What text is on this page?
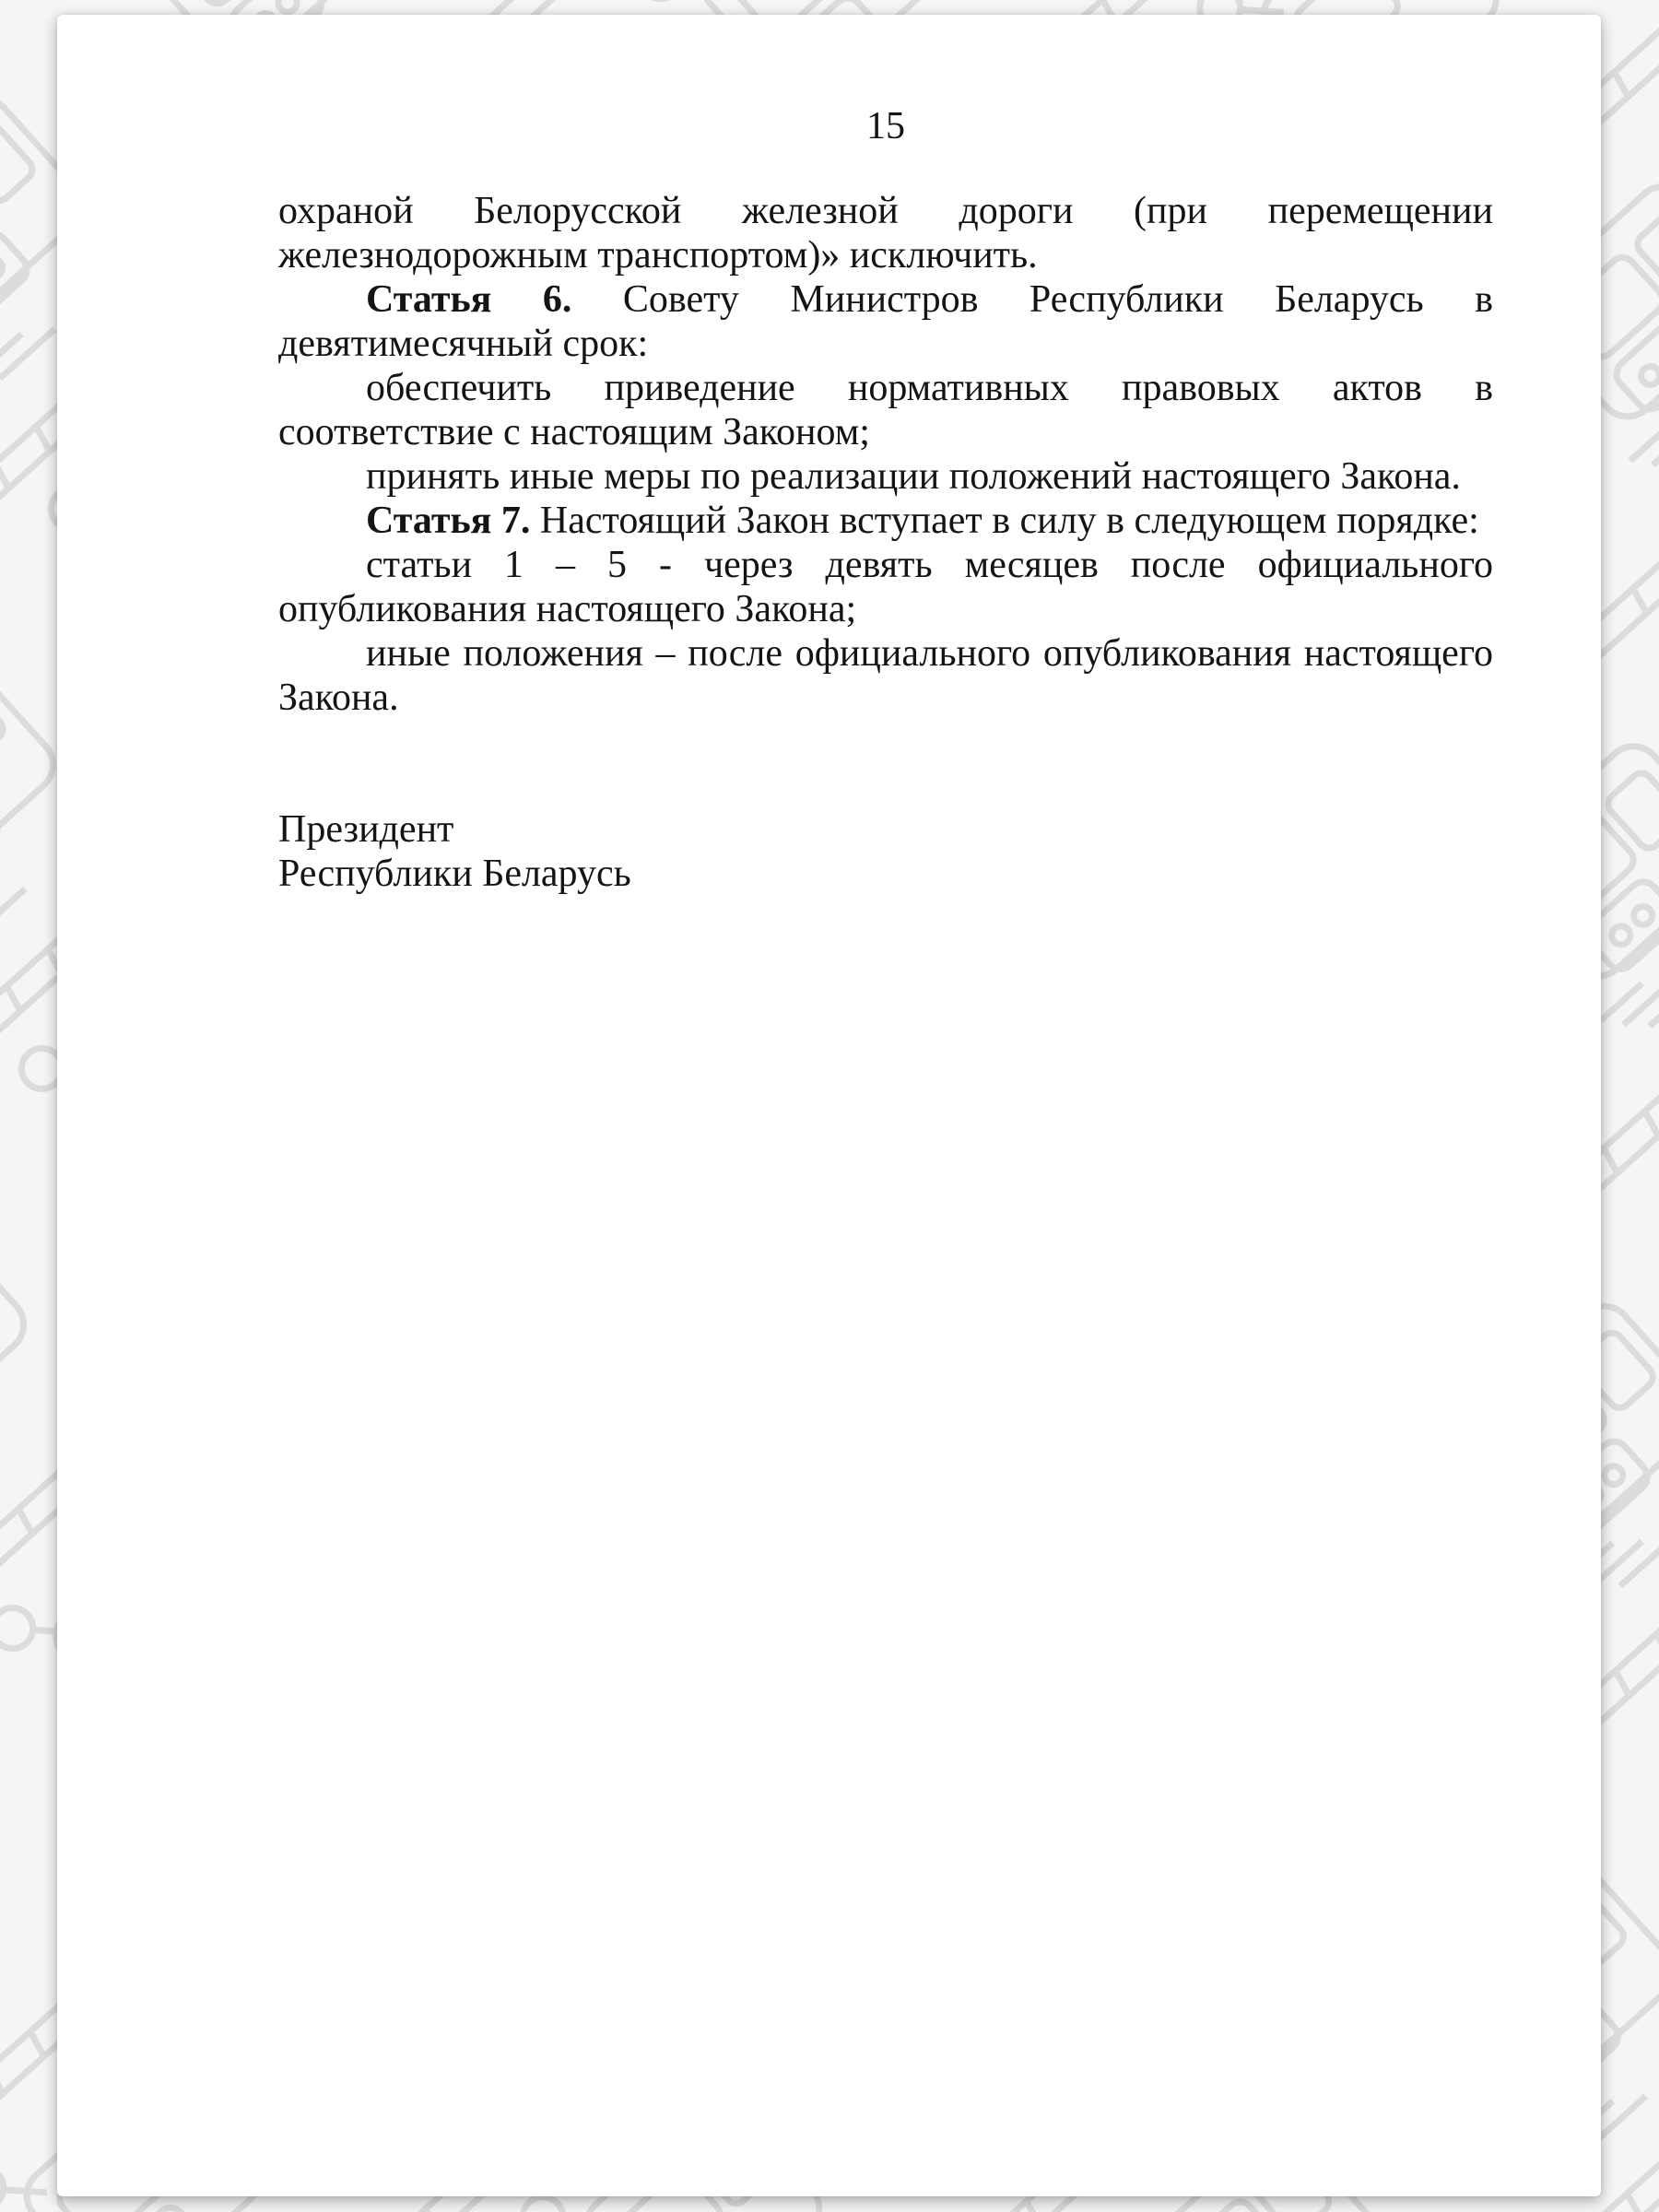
15

охраной Белорусской железной дороги (при перемещении железнодорожным транспортом)» исключить.

Статья 6. Совету Министров Республики Беларусь в девятимесячный срок:

обеспечить приведение нормативных правовых актов в соответствие с настоящим Законом;

принять иные меры по реализации положений настоящего Закона.

Статья 7. Настоящий Закон вступает в силу в следующем порядке:

статьи 1 – 5 - через девять месяцев после официального опубликования настоящего Закона;

иные положения – после официального опубликования настоящего Закона.

Президент
Республики Беларусь
